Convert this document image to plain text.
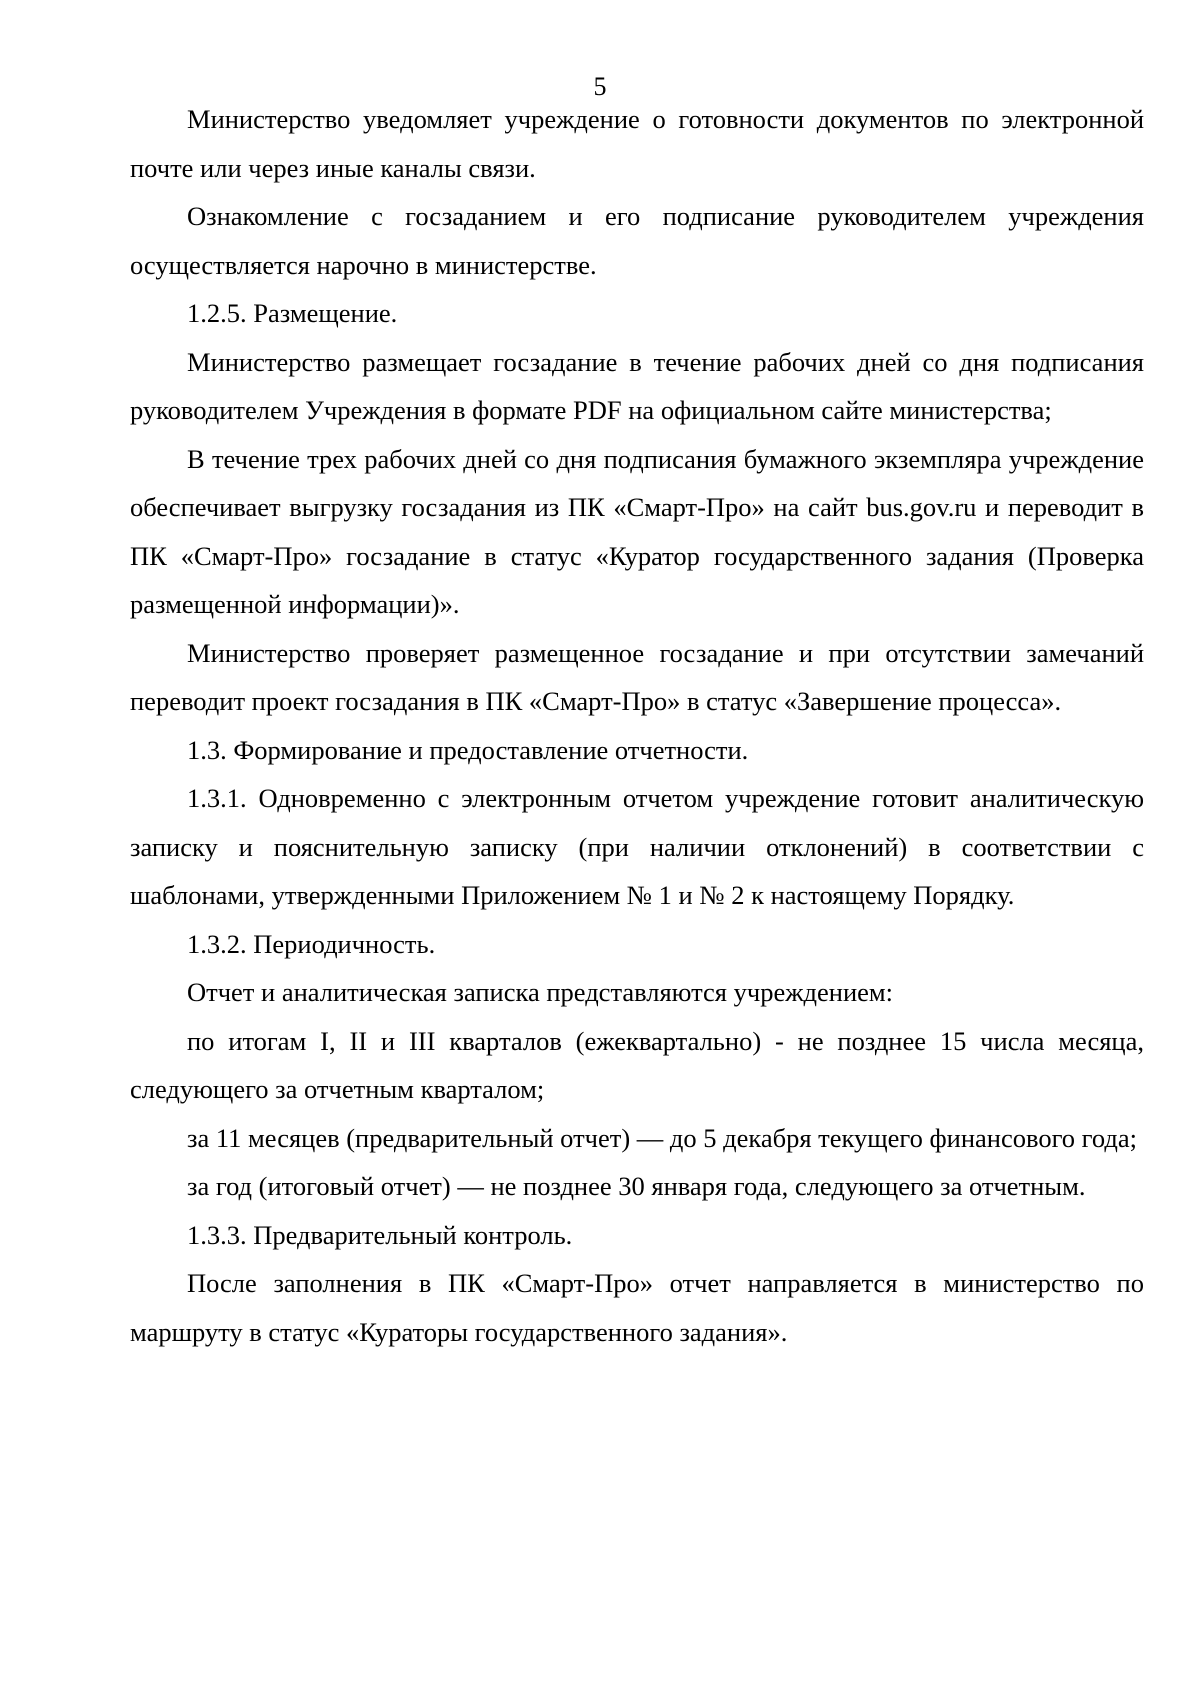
5

Министерство уведомляет учреждение о готовности документов по электронной почте или через иные каналы связи.

Ознакомление с госзаданием и его подписание руководителем учреждения осуществляется нарочно в министерстве.

1.2.5. Размещение.

Министерство размещает госзадание в течение рабочих дней со дня подписания руководителем Учреждения в формате PDF на официальном сайте министерства;

В течение трех рабочих дней со дня подписания бумажного экземпляра учреждение обеспечивает выгрузку госзадания из ПК «Смарт-Про» на сайт bus.gov.ru и переводит в ПК «Смарт-Про» госзадание в статус «Куратор государственного задания (Проверка размещенной информации)».

Министерство проверяет размещенное госзадание и при отсутствии замечаний переводит проект госзадания в ПК «Смарт-Про» в статус «Завершение процесса».

1.3. Формирование и предоставление отчетности.

1.3.1. Одновременно с электронным отчетом учреждение готовит аналитическую записку и пояснительную записку (при наличии отклонений) в соответствии с шаблонами, утвержденными Приложением № 1 и № 2 к настоящему Порядку.

1.3.2. Периодичность.

Отчет и аналитическая записка представляются учреждением:

по итогам I, II и III кварталов (ежеквартально) - не позднее 15 числа месяца, следующего за отчетным кварталом;

за 11 месяцев (предварительный отчет) — до 5 декабря текущего финансового года;

за год (итоговый отчет) — не позднее 30 января года, следующего за отчетным.

1.3.3. Предварительный контроль.

После заполнения в ПК «Смарт-Про» отчет направляется в министерство по маршруту в статус «Кураторы государственного задания».
